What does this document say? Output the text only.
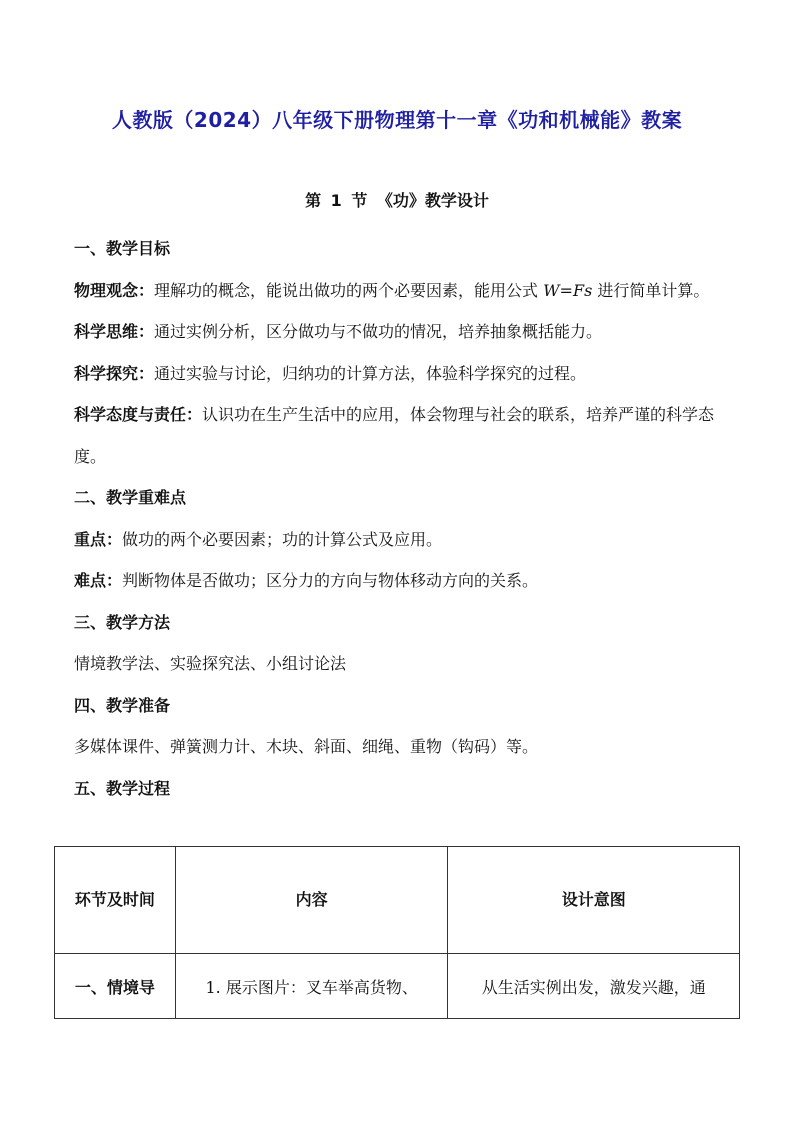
人教版（2024）八年级下册物理第十一章《功和机械能》教案
第 1 节 《功》教学设计

一、教学目标

物理观念：理解功的概念，能说出做功的两个必要因素，能用公式 W=Fs 进行简单计算。

科学思维：通过实例分析，区分做功与不做功的情况，培养抽象概括能力。

科学探究：通过实验与讨论，归纳功的计算方法，体验科学探究的过程。

科学态度与责任：认识功在生产生活中的应用，体会物理与社会的联系，培养严谨的科学态度。

二、教学重难点

重点：做功的两个必要因素；功的计算公式及应用。

难点：判断物体是否做功；区分力的方向与物体移动方向的关系。

三、教学方法

情境教学法、实验探究法、小组讨论法

四、教学准备

多媒体课件、弹簧测力计、木块、斜面、细绳、重物（钩码）等。

五、教学过程

环节及时间	内容	设计意图
一、情境导	1. 展示图片：叉车举高货物、	从生活实例出发，激发兴趣，通
